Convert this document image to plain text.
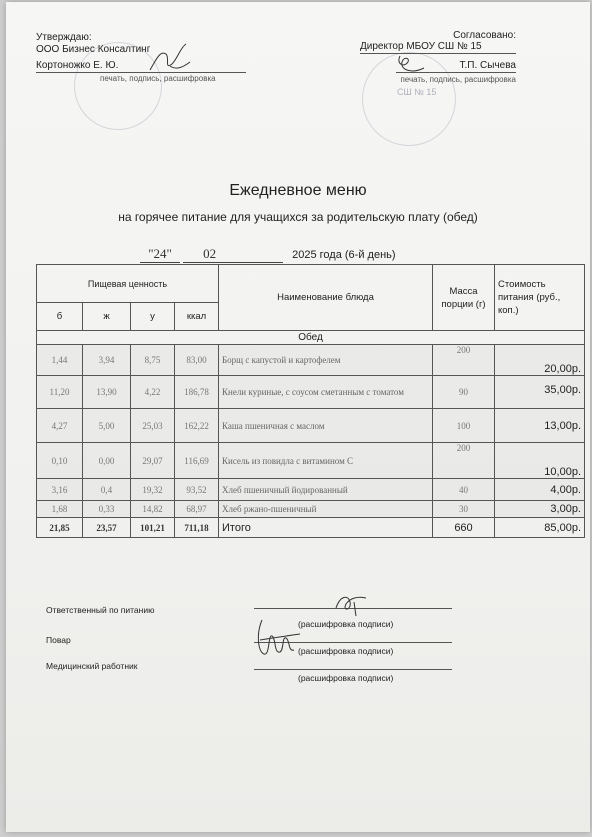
СШ № 15
Утверждаю:
ООО Бизнес Консалтинг
Кортоножко Е. Ю.
печать, подпись, расшифровка
Согласовано:
Директор МБОУ СШ № 15
Т.П. Сычева
печать, подпись, расшифровка
Ежедневное меню
на горячее питание для учащихся за родительскую плату (обед)
"24" 02	2025 года (6-й день)
Пищевая ценность				Наименование блюда	Масса порции (г)	Стоимость питания (руб., коп.)
б	ж	у	ккал			
Обед						
1,44	3,94	8,75	83,00	Борщ с капустой и картофелем	200	20,00р.
11,20	13,90	4,22	186,78	Кнели куриные, с соусом сметанным с томатом	90	35,00р.
4,27	5,00	25,03	162,22	Каша пшеничная с маслом	100	13,00р.
0,10	0,00	29,07	116,69	Кисель из повидла с витамином С	200	10,00р.
3,16	0,4	19,32	93,52	Хлеб пшеничный йодированный	40	4,00р.
1,68	0,33	14,82	68,97	Хлеб ржано-пшеничный	30	3,00р.
21,85	23,57	101,21	711,18	Итого	660	85,00р.
Ответственный по питанию
(расшифровка подписи)
Повар
(расшифровка подписи)
Медицинский работник
(расшифровка подписи)
